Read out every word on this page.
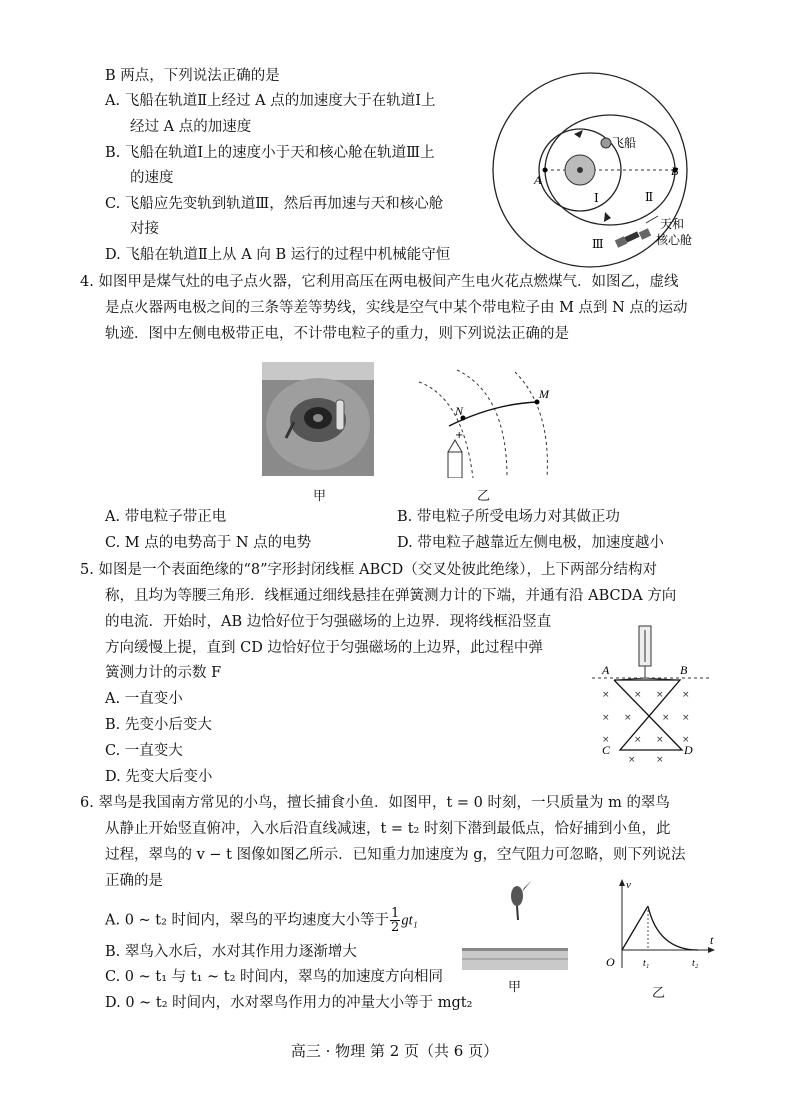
B 两点，下列说法正确的是
A. 飞船在轨道Ⅱ上经过 A 点的加速度大于在轨道Ⅰ上
经过 A 点的加速度
B. 飞船在轨道Ⅰ上的速度小于天和核心舱在轨道Ⅲ上
的速度
C. 飞船应先变轨到轨道Ⅲ，然后再加速与天和核心舱
对接
D. 飞船在轨道Ⅱ上从 A 向 B 运行的过程中机械能守恒
飞船
A
B
Ⅰ	Ⅱ
Ⅲ
天和
核心舱
4. 如图甲是煤气灶的电子点火器，它利用高压在两电极间产生电火花点燃煤气．如图乙，虚线
是点火器两电极之间的三条等差等势线，实线是空气中某个带电粒子由 M 点到 N 点的运动
轨迹．图中左侧电极带正电，不计带电粒子的重力，则下列说法正确的是
甲
M
N
+
乙
A. 带电粒子带正电	B. 带电粒子所受电场力对其做正功
C. M 点的电势高于 N 点的电势	D. 带电粒子越靠近左侧电极，加速度越小
5. 如图是一个表面绝缘的“8”字形封闭线框 ABCD（交叉处彼此绝缘），上下两部分结构对
称，且均为等腰三角形．线框通过细线悬挂在弹簧测力计的下端，并通有沿 ABCDA 方向
的电流．开始时，AB 边恰好位于匀强磁场的上边界．现将线框沿竖直
方向缓慢上提，直到 CD 边恰好位于匀强磁场的上边界，此过程中弹
簧测力计的示数 F
A. 一直变小
B. 先变小后变大
C. 一直变大
D. 先变大后变小
×	× × ×
× ×	× ×
×	× × ×
× ×
A	B
C	D
6. 翠鸟是我国南方常见的小鸟，擅长捕食小鱼．如图甲，t = 0 时刻，一只质量为 m 的翠鸟
从静止开始竖直俯冲，入水后沿直线减速，t = t₂ 时刻下潜到最低点，恰好捕到小鱼，此
过程，翠鸟的 v − t 图像如图乙所示．已知重力加速度为 g，空气阻力可忽略，则下列说法
正确的是
A. 0 ~ t₂ 时间内，翠鸟的平均速度大小等于 $\frac{1}{2} gt_1$
B. 翠鸟入水后，水对其作用力逐渐增大
C. 0 ~ t₁ 与 t₁ ~ t₂ 时间内，翠鸟的加速度方向相同
D. 0 ~ t₂ 时间内，水对翠鸟作用力的冲量大小等于 mgt₂
甲
v
t
O	t₁	t₂
乙
高三 · 物理 第 2 页（共 6 页）
